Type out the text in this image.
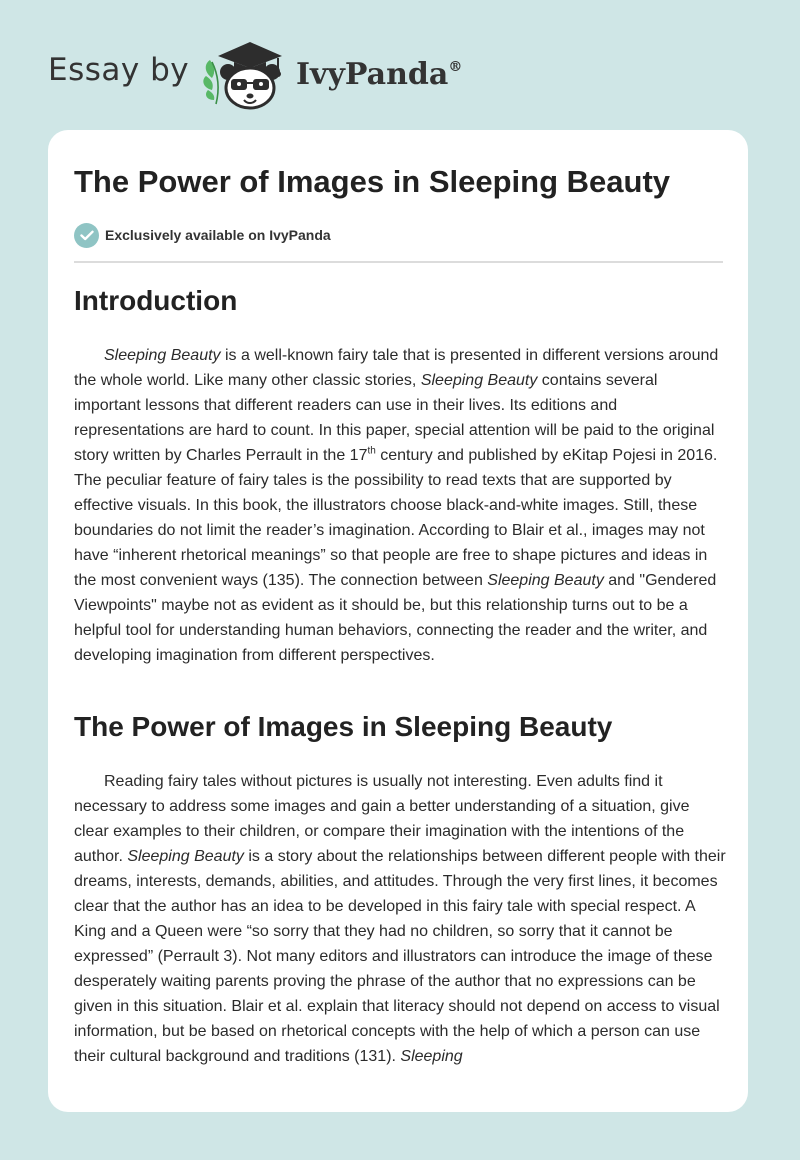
Essay by	IvyPanda®
The Power of Images in Sleeping Beauty
Exclusively available on IvyPanda
Introduction

Sleeping Beauty is a well-known fairy tale that is presented in different versions around the whole world. Like many other classic stories, Sleeping Beauty contains several important lessons that different readers can use in their lives. Its editions and representations are hard to count. In this paper, special attention will be paid to the original story written by Charles Perrault in the 17th century and published by eKitap Pojesi in 2016. The peculiar feature of fairy tales is the possibility to read texts that are supported by effective visuals. In this book, the illustrators choose black-and-white images. Still, these boundaries do not limit the reader’s imagination. According to Blair et al., images may not have “inherent rhetorical meanings” so that people are free to shape pictures and ideas in the most convenient ways (135). The connection between Sleeping Beauty and "Gendered Viewpoints" maybe not as evident as it should be, but this relationship turns out to be a helpful tool for understanding human behaviors, connecting the reader and the writer, and developing imagination from different perspectives.

The Power of Images in Sleeping Beauty

Reading fairy tales without pictures is usually not interesting. Even adults find it necessary to address some images and gain a better understanding of a situation, give clear examples to their children, or compare their imagination with the intentions of the author. Sleeping Beauty is a story about the relationships between different people with their dreams, interests, demands, abilities, and attitudes. Through the very first lines, it becomes clear that the author has an idea to be developed in this fairy tale with special respect. A King and a Queen were “so sorry that they had no children, so sorry that it cannot be expressed” (Perrault 3). Not many editors and illustrators can introduce the image of these desperately waiting parents proving the phrase of the author that no expressions can be given in this situation. Blair et al. explain that literacy should not depend on access to visual information, but be based on rhetorical concepts with the help of which a person can use their cultural background and traditions (131). Sleeping
